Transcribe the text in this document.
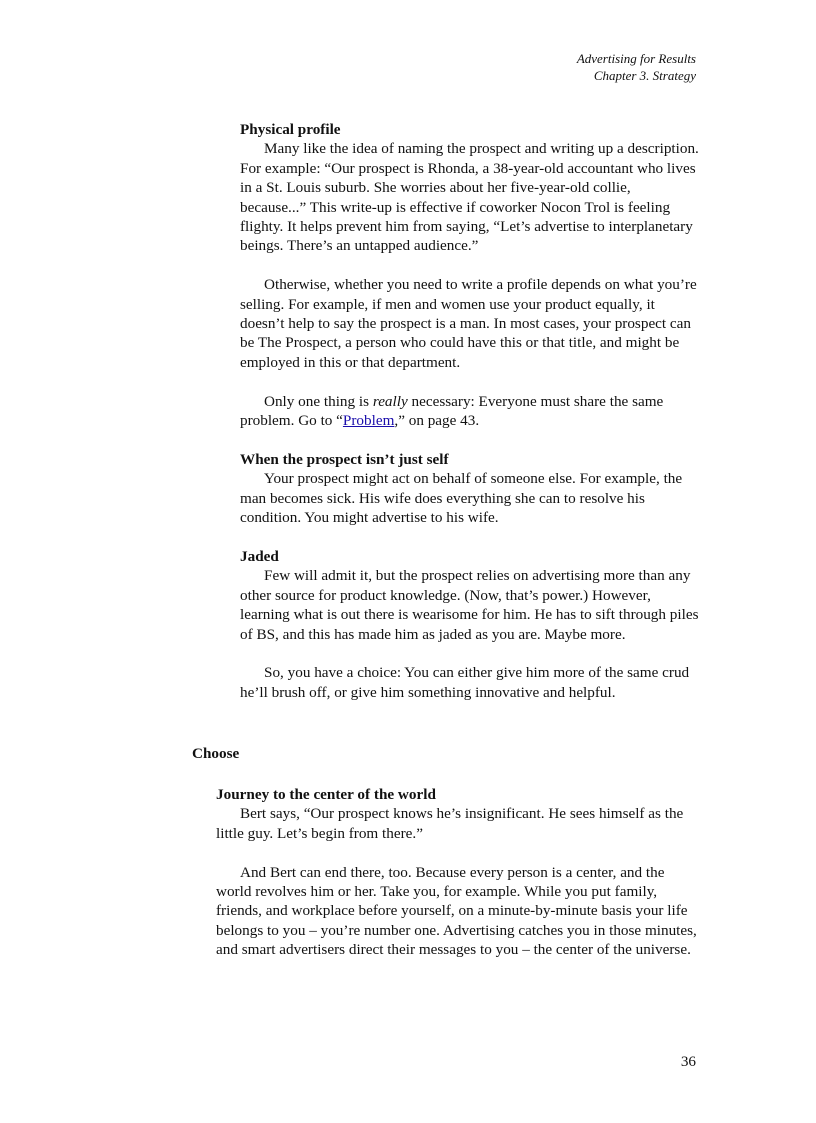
Advertising for Results
Chapter 3. Strategy
Physical profile

Many like the idea of naming the prospect and writing up a description. For example: “Our prospect is Rhonda, a 38-year-old accountant who lives in a St. Louis suburb. She worries about her five-year-old collie, because...” This write-up is effective if coworker Nocon Trol is feeling flighty. It helps prevent him from saying, “Let’s advertise to interplanetary beings. There’s an untapped audience.”

Otherwise, whether you need to write a profile depends on what you’re selling. For example, if men and women use your product equally, it doesn’t help to say the prospect is a man. In most cases, your prospect can be The Prospect, a person who could have this or that title, and might be employed in this or that department.

Only one thing is really necessary: Everyone must share the same problem. Go to “Problem,” on page 43.

When the prospect isn’t just self

Your prospect might act on behalf of someone else. For example, the man becomes sick. His wife does everything she can to resolve his condition. You might advertise to his wife.

Jaded

Few will admit it, but the prospect relies on advertising more than any other source for product knowledge. (Now, that’s power.) However, learning what is out there is wearisome for him. He has to sift through piles of BS, and this has made him as jaded as you are. Maybe more.

So, you have a choice: You can either give him more of the same crud he’ll brush off, or give him something innovative and helpful.

Choose
Journey to the center of the world

Bert says, “Our prospect knows he’s insignificant. He sees himself as the little guy. Let’s begin from there.”

And Bert can end there, too. Because every person is a center, and the world revolves him or her. Take you, for example. While you put family, friends, and workplace before yourself, on a minute-by-minute basis your life belongs to you – you’re number one. Advertising catches you in those minutes, and smart advertisers direct their messages to you – the center of the universe.

36
